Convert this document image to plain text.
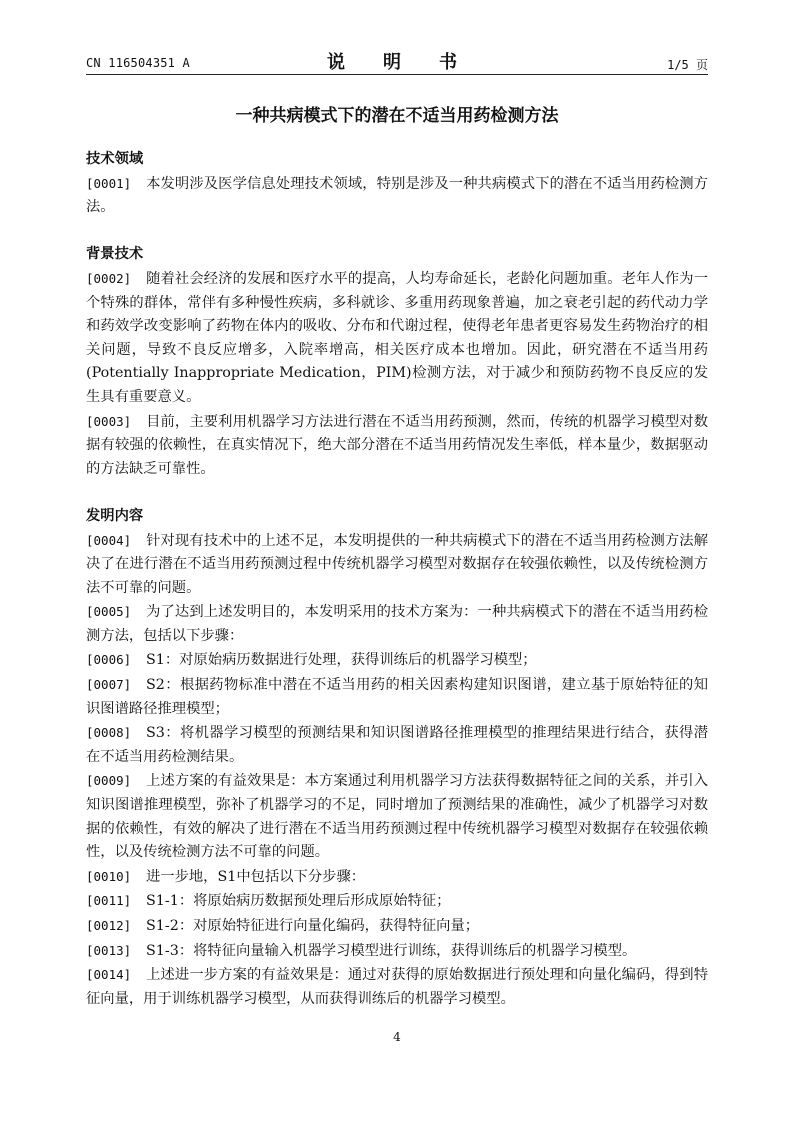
CN 116504351 A	说　明　书	1/5 页
一种共病模式下的潜在不适当用药检测方法

技术领域

[0001] 本发明涉及医学信息处理技术领域，特别是涉及一种共病模式下的潜在不适当用药检测方法。

背景技术

[0002] 随着社会经济的发展和医疗水平的提高，人均寿命延长，老龄化问题加重。老年人作为一个特殊的群体，常伴有多种慢性疾病，多科就诊、多重用药现象普遍，加之衰老引起的药代动力学和药效学改变影响了药物在体内的吸收、分布和代谢过程，使得老年患者更容易发生药物治疗的相关问题，导致不良反应增多，入院率增高，相关医疗成本也增加。因此，研究潜在不适当用药(Potentially Inappropriate Medication，PIM)检测方法，对于减少和预防药物不良反应的发生具有重要意义。

[0003] 目前，主要利用机器学习方法进行潜在不适当用药预测，然而，传统的机器学习模型对数据有较强的依赖性，在真实情况下，绝大部分潜在不适当用药情况发生率低，样本量少，数据驱动的方法缺乏可靠性。

发明内容

[0004] 针对现有技术中的上述不足，本发明提供的一种共病模式下的潜在不适当用药检测方法解决了在进行潜在不适当用药预测过程中传统机器学习模型对数据存在较强依赖性，以及传统检测方法不可靠的问题。

[0005] 为了达到上述发明目的，本发明采用的技术方案为：一种共病模式下的潜在不适当用药检测方法，包括以下步骤：

[0006] S1：对原始病历数据进行处理，获得训练后的机器学习模型；

[0007] S2：根据药物标准中潜在不适当用药的相关因素构建知识图谱，建立基于原始特征的知识图谱路径推理模型；

[0008] S3：将机器学习模型的预测结果和知识图谱路径推理模型的推理结果进行结合，获得潜在不适当用药检测结果。

[0009] 上述方案的有益效果是：本方案通过利用机器学习方法获得数据特征之间的关系，并引入知识图谱推理模型，弥补了机器学习的不足，同时增加了预测结果的准确性，减少了机器学习对数据的依赖性，有效的解决了进行潜在不适当用药预测过程中传统机器学习模型对数据存在较强依赖性，以及传统检测方法不可靠的问题。

[0010] 进一步地，S1中包括以下分步骤：

[0011] S1-1：将原始病历数据预处理后形成原始特征；

[0012] S1-2：对原始特征进行向量化编码，获得特征向量；

[0013] S1-3：将特征向量输入机器学习模型进行训练，获得训练后的机器学习模型。

[0014] 上述进一步方案的有益效果是：通过对获得的原始数据进行预处理和向量化编码，得到特征向量，用于训练机器学习模型，从而获得训练后的机器学习模型。

4
